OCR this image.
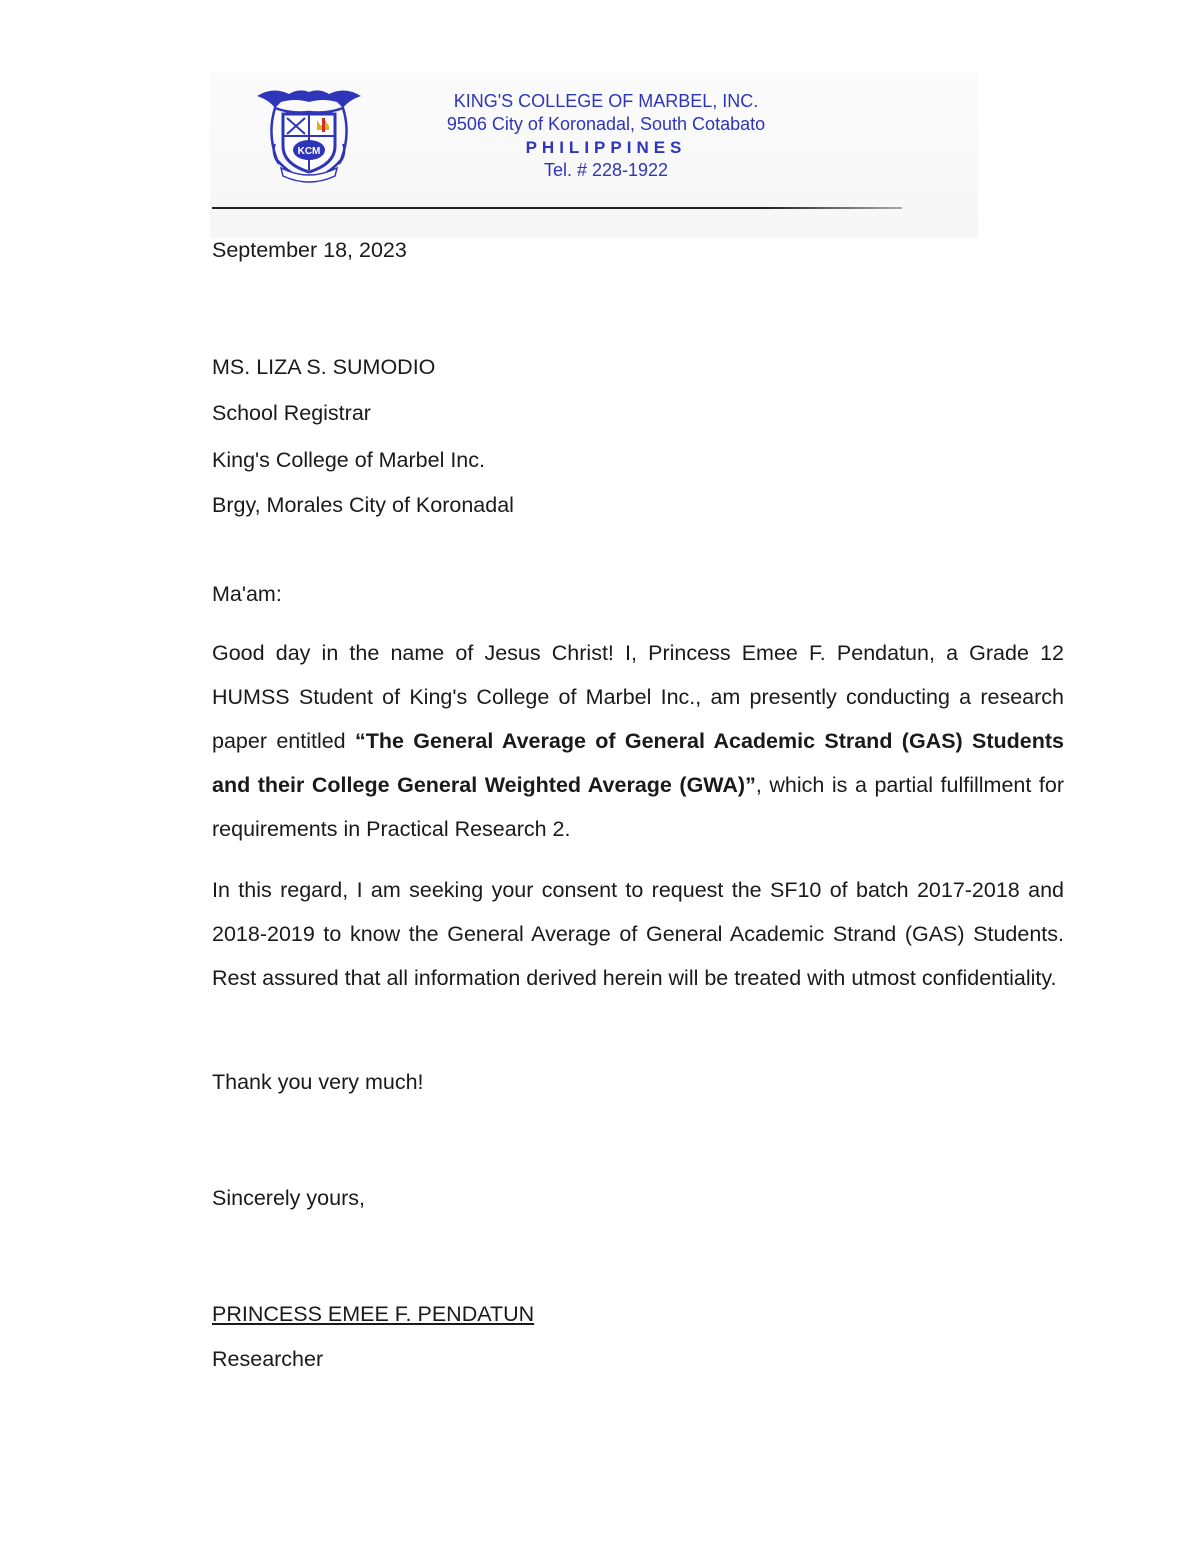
KCM
KING'S COLLEGE OF MARBEL, INC.
9506 City of Koronadal, South Cotabato
PHILIPPINES
Tel. # 228-1922
September 18, 2023
MS. LIZA S. SUMODIO
School Registrar
King's College of Marbel Inc.
Brgy, Morales City of Koronadal
Ma'am:
Good day in the name of Jesus Christ! I, Princess Emee F. Pendatun, a Grade 12 HUMSS Student of King's College of Marbel Inc., am presently conducting a research paper entitled “The General Average of General Academic Strand (GAS) Students and their College General Weighted Average (GWA)”, which is a partial fulfillment for requirements in Practical Research 2.
In this regard, I am seeking your consent to request the SF10 of batch 2017-2018 and 2018-2019 to know the General Average of General Academic Strand (GAS) Students. Rest assured that all information derived herein will be treated with utmost confidentiality.
Thank you very much!
Sincerely yours,
PRINCESS EMEE F. PENDATUN
Researcher
